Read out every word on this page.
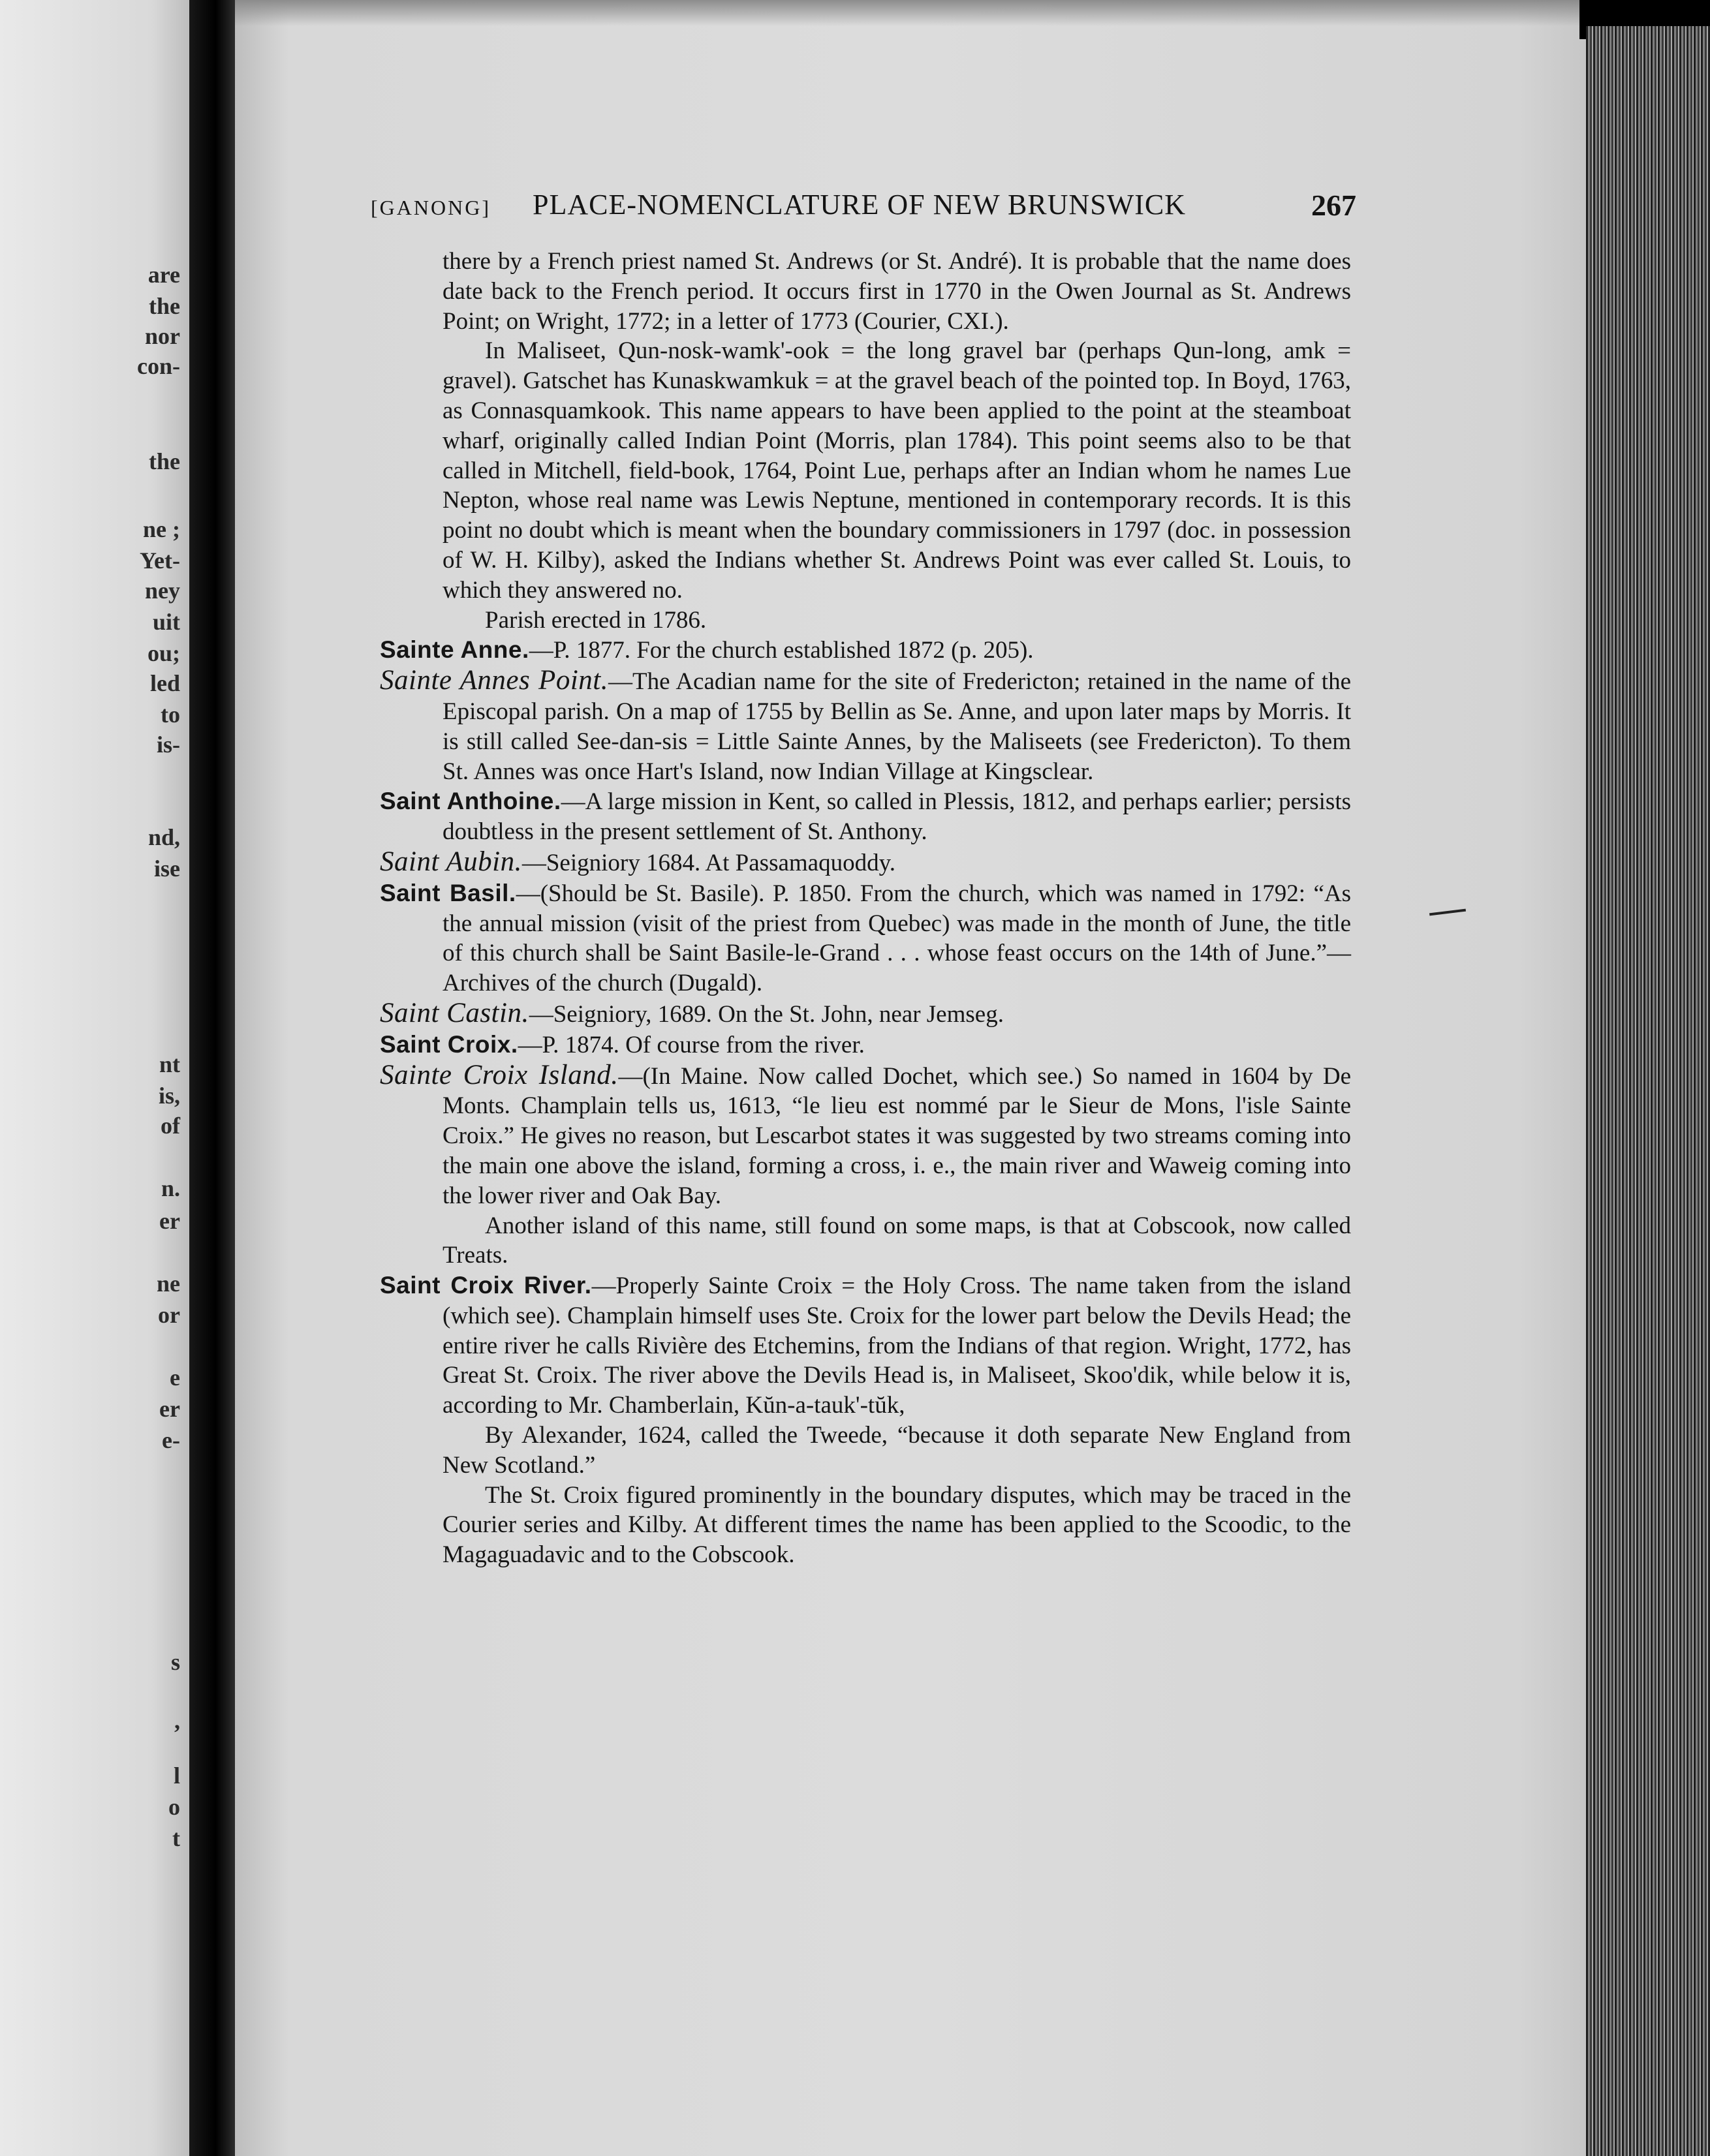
are
the
nor
con-
the
ne ;
Yet-
ney
uit
ou;
led
to
is-
nd,
ise
nt
is,
of
n.
er
ne
or
e
er
e-
s
,
l
o
t
[GANONG] PLACE-NOMENCLATURE OF NEW BRUNSWICK	267

there by a French priest named St. Andrews (or St. André). It is probable that the name does date back to the French period. It occurs first in 1770 in the Owen Journal as St. Andrews Point; on Wright, 1772; in a letter of 1773 (Courier, CXI.).

In Maliseet, Qun-nosk-wamk'-ook = the long gravel bar (perhaps Qun-long, amk = gravel). Gatschet has Kunaskwamkuk = at the gravel beach of the pointed top. In Boyd, 1763, as Connasquamkook. This name appears to have been applied to the point at the steamboat wharf, originally called Indian Point (Morris, plan 1784). This point seems also to be that called in Mitchell, field-book, 1764, Point Lue, perhaps after an Indian whom he names Lue Nepton, whose real name was Lewis Neptune, mentioned in contemporary records. It is this point no doubt which is meant when the boundary commissioners in 1797 (doc. in possession of W. H. Kilby), asked the Indians whether St. Andrews Point was ever called St. Louis, to which they answered no.

Parish erected in 1786.

Sainte Anne.—P. 1877. For the church established 1872 (p. 205).

Sainte Annes Point.—The Acadian name for the site of Fredericton; retained in the name of the Episcopal parish. On a map of 1755 by Bellin as Se. Anne, and upon later maps by Morris. It is still called See-dan-sis = Little Sainte Annes, by the Maliseets (see Fredericton). To them St. Annes was once Hart's Island, now Indian Village at Kingsclear.

Saint Anthoine.—A large mission in Kent, so called in Plessis, 1812, and perhaps earlier; persists doubtless in the present settlement of St. Anthony.

Saint Aubin.—Seigniory 1684. At Passamaquoddy.

Saint Basil.—(Should be St. Basile). P. 1850. From the church, which was named in 1792: “As the annual mission (visit of the priest from Quebec) was made in the month of June, the title of this church shall be Saint Basile-le-Grand . . . whose feast occurs on the 14th of June.”—Archives of the church (Dugald).

Saint Castin.—Seigniory, 1689. On the St. John, near Jemseg.

Saint Croix.—P. 1874. Of course from the river.

Sainte Croix Island.—(In Maine. Now called Dochet, which see.) So named in 1604 by De Monts. Champlain tells us, 1613, “le lieu est nommé par le Sieur de Mons, l'isle Sainte Croix.” He gives no reason, but Lescarbot states it was suggested by two streams coming into the main one above the island, forming a cross, i. e., the main river and Waweig coming into the lower river and Oak Bay.

Another island of this name, still found on some maps, is that at Cobscook, now called Treats.

Saint Croix River.—Properly Sainte Croix = the Holy Cross. The name taken from the island (which see). Champlain himself uses Ste. Croix for the lower part below the Devils Head; the entire river he calls Rivière des Etchemins, from the Indians of that region. Wright, 1772, has Great St. Croix. The river above the Devils Head is, in Maliseet, Skoo'dik, while below it is, according to Mr. Chamberlain, Kŭn-a-tauk'-tŭk,

By Alexander, 1624, called the Tweede, “because it doth separate New England from New Scotland.”

The St. Croix figured prominently in the boundary disputes, which may be traced in the Courier series and Kilby. At different times the name has been applied to the Scoodic, to the Magaguadavic and to the Cobscook.
